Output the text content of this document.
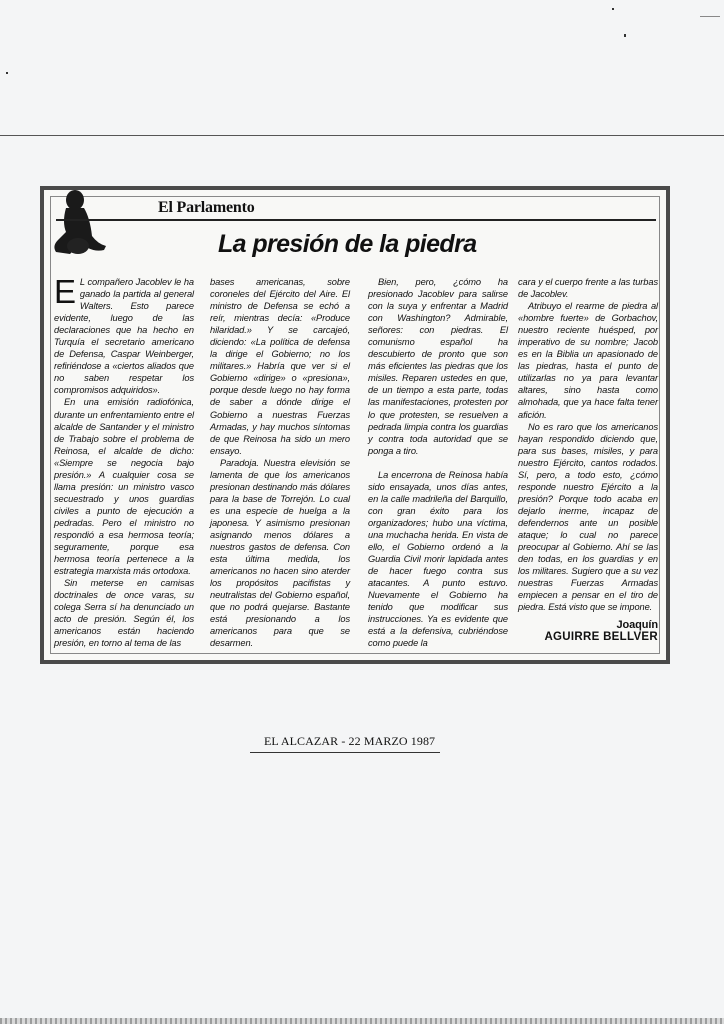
El Parlamento
La presión de la piedra

E L compañero Jacoblev le ha ganado la partida al general Walters. Esto parece evidente, luego de las declaraciones que ha hecho en Turquía el secretario americano de Defensa, Caspar Weinberger, refiriéndose a «ciertos aliados que no saben respetar los compromisos adquiridos».

En una emisión radiofónica, durante un enfrentamiento entre el alcalde de Santander y el ministro de Trabajo sobre el problema de Reinosa, el alcalde de dicho: «Siempre se negocia bajo presión.» A cualquier cosa se llama presión: un ministro vasco secuestrado y unos guardias civiles a punto de ejecución a pedradas. Pero el ministro no respondió a esa hermosa teoría; seguramente, porque esa hermosa teoría pertenece a la estrategia marxista más ortodoxa.

Sin meterse en camisas doctrinales de once varas, su colega Serra sí ha denunciado un acto de presión. Según él, los americanos están haciendo presión, en torno al tema de las

bases americanas, sobre coroneles del Ejército del Aire. El ministro de Defensa se echó a reír, mientras decía: «Produce hilaridad.» Y se carcajeó, diciendo: «La política de defensa la dirige el Gobierno; no los militares.» Habría que ver si el Gobierno «dirige» o «presiona», porque desde luego no hay forma de saber a dónde dirige el Gobierno a nuestras Fuerzas Armadas, y hay muchos síntomas de que Reinosa ha sido un mero ensayo.

Paradoja. Nuestra elevisión se lamenta de que los americanos presionan destinando más dólares para la base de Torrejón. Lo cual es una especie de huelga a la japonesa. Y asimismo presionan asignando menos dólares a nuestros gastos de defensa. Con esta última medida, los americanos no hacen sino aterder los propósitos pacifistas y neutralistas del Gobierno español, que no podrá quejarse. Bastante está presionando a los americanos para que se desarmen.

Bien, pero, ¿cómo ha presionado Jacoblev para salirse con la suya y enfrentar a Madrid con Washington? Admirable, señores: con piedras. El comunismo español ha descubierto de pronto que son más eficientes las piedras que los misiles. Reparen ustedes en que, de un tiempo a esta parte, todas las manifestaciones, protesten por lo que protesten, se resuelven a pedrada limpia contra los guardias y contra toda autoridad que se ponga a tiro.

La encerrona de Reinosa había sido ensayada, unos días antes, en la calle madrileña del Barquillo, con gran éxito para los organizadores; hubo una víctima, una muchacha herida. En vista de ello, el Gobierno ordenó a la Guardia Civil morir lapidada antes de hacer fuego contra sus atacantes. A punto estuvo. Nuevamente el Gobierno ha tenido que modificar sus instrucciones. Ya es evidente que está a la defensiva, cubriéndose como puede la

cara y el cuerpo frente a las turbas de Jacoblev.

Atribuyo el rearme de piedra al «hombre fuerte» de Gorbachov, nuestro reciente huésped, por imperativo de su nombre; Jacob es en la Biblia un apasionado de las piedras, hasta el punto de utilizarlas no ya para levantar altares, sino hasta como almohada, que ya hace falta tener afición.

No es raro que los americanos hayan respondido diciendo que, para sus bases, misiles, y para nuestro Ejército, cantos rodados. Sí, pero, a todo esto, ¿cómo responde nuestro Ejército a la presión? Porque todo acaba en dejarlo inerme, incapaz de defendernos ante un posible ataque; lo cual no parece preocupar al Gobierno. Ahí se las den todas, en los guardias y en los militares. Sugiero que a su vez nuestras Fuerzas Armadas empiecen a pensar en el tiro de piedra. Está visto que se impone.

Joaquín
AGUIRRE BELLVER
EL ALCAZAR - 22 MARZO 1987
